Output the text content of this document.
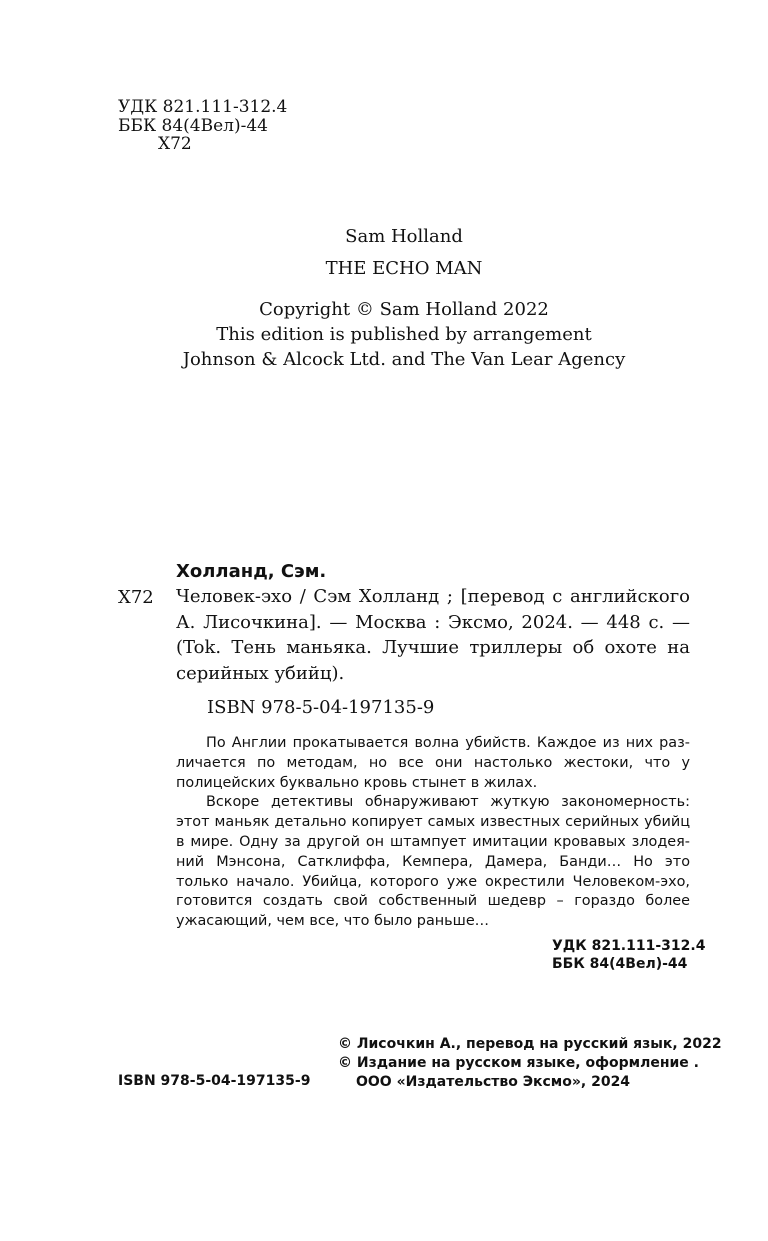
УДК 821.111-312.4
ББК 84(4Вел)-44
Х72
Sam Holland
THE ECHO MAN
Copyright © Sam Holland 2022
This edition is published by arrangement
Johnson & Alcock Ltd. and The Van Lear Agency
Холланд, Сэм.
Х72 Человек-эхо / Сэм Холланд ; [перевод с английского А. Лисочкина]. — Москва : Эксмо, 2024. — 448 с. — (Tok. Тень маньяка. Лучшие триллеры об охоте на серийных убийц).
ISBN 978-5-04-197135-9

По Англии прокатывается волна убийств. Каждое из них различается по методам, но все они настолько жестоки, что у полицейских буквально кровь стынет в жилах.

Вскоре детективы обнаруживают жуткую закономерность: этот маньяк детально копирует самых известных серийных убийц в мире. Одну за другой он штампует имитации кровавых злодеяний Мэнсона, Сатклиффа, Кемпера, Дамера, Банди… Но это только начало. Убийца, которого уже окрестили Человеком-эхо, готовится создать свой собственный шедевр – гораздо более ужасающий, чем все, что было раньше…

УДК 821.111-312.4
ББК 84(4Вел)-44
© Лисочкин А., перевод на русский язык, 2022
© Издание на русском языке, оформление .
ООО «Издательство Эксмо», 2024
ISBN 978-5-04-197135-9
